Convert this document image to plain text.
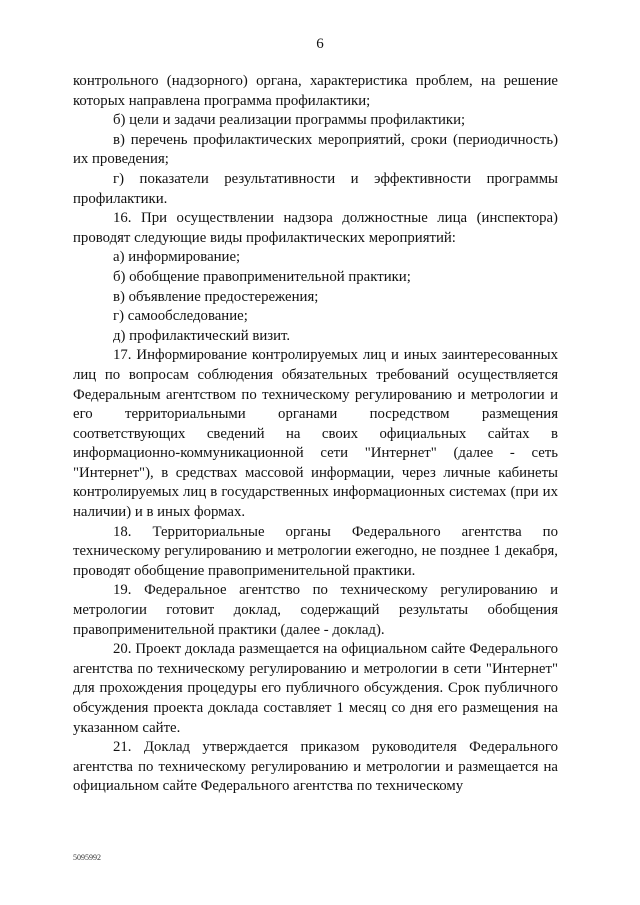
6

контрольного (надзорного) органа, характеристика проблем, на решение которых направлена программа профилактики;

б) цели и задачи реализации программы профилактики;

в) перечень профилактических мероприятий, сроки (периодичность) их проведения;

г) показатели результативности и эффективности программы профилактики.

16. При осуществлении надзора должностные лица (инспектора) проводят следующие виды профилактических мероприятий:

а) информирование;

б) обобщение правоприменительной практики;

в) объявление предостережения;

г) самообследование;

д) профилактический визит.

17. Информирование контролируемых лиц и иных заинтересованных лиц по вопросам соблюдения обязательных требований осуществляется Федеральным агентством по техническому регулированию и метрологии и его территориальными органами посредством размещения соответствующих сведений на своих официальных сайтах в информационно-коммуникационной сети "Интернет" (далее - сеть "Интернет"), в средствах массовой информации, через личные кабинеты контролируемых лиц в государственных информационных системах (при их наличии) и в иных формах.

18. Территориальные органы Федерального агентства по техническому регулированию и метрологии ежегодно, не позднее 1 декабря, проводят обобщение правоприменительной практики.

19. Федеральное агентство по техническому регулированию и метрологии готовит доклад, содержащий результаты обобщения правоприменительной практики (далее - доклад).

20. Проект доклада размещается на официальном сайте Федерального агентства по техническому регулированию и метрологии в сети "Интернет" для прохождения процедуры его публичного обсуждения. Срок публичного обсуждения проекта доклада составляет 1 месяц со дня его размещения на указанном сайте.

21. Доклад утверждается приказом руководителя Федерального агентства по техническому регулированию и метрологии и размещается на официальном сайте Федерального агентства по техническому

5095992
